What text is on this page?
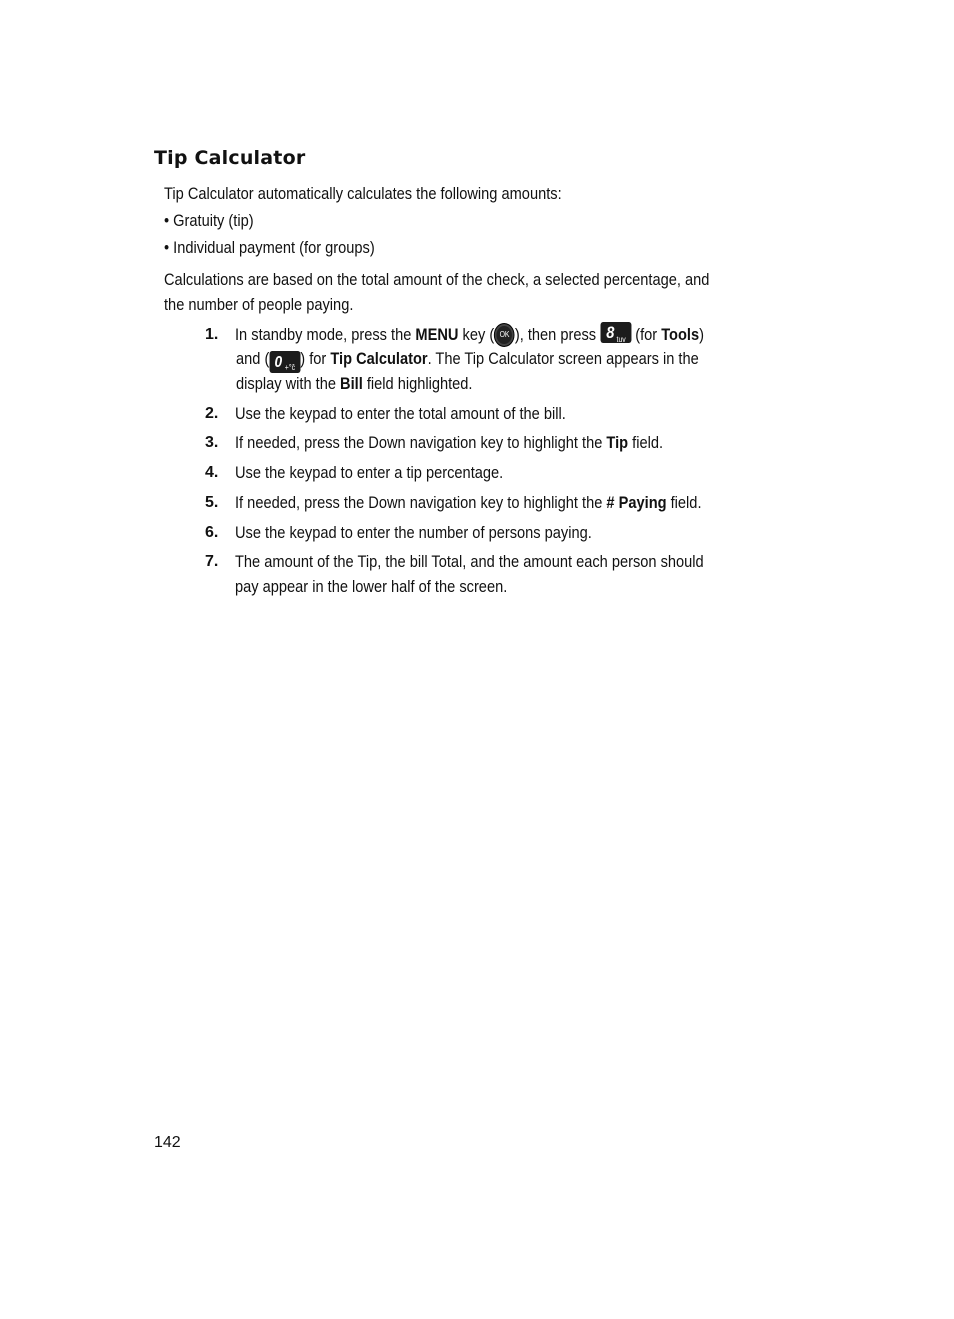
Tip Calculator
Tip Calculator automatically calculates the following amounts:
• Gratuity (tip)
• Individual payment (for groups)
Calculations are based on the total amount of the check, a selected percentage, and
the number of people paying.
1. In standby mode, press the MENU key ( OK ), then press 8 tuv (for Tools)
and ( 0 +°ĉ ) for Tip Calculator. The Tip Calculator screen appears in the
display with the Bill field highlighted.
2. Use the keypad to enter the total amount of the bill.
3. If needed, press the Down navigation key to highlight the Tip field.
4. Use the keypad to enter a tip percentage.
5. If needed, press the Down navigation key to highlight the # Paying field.
6. Use the keypad to enter the number of persons paying.
7. The amount of the Tip, the bill Total, and the amount each person should
pay appear in the lower half of the screen.
142
